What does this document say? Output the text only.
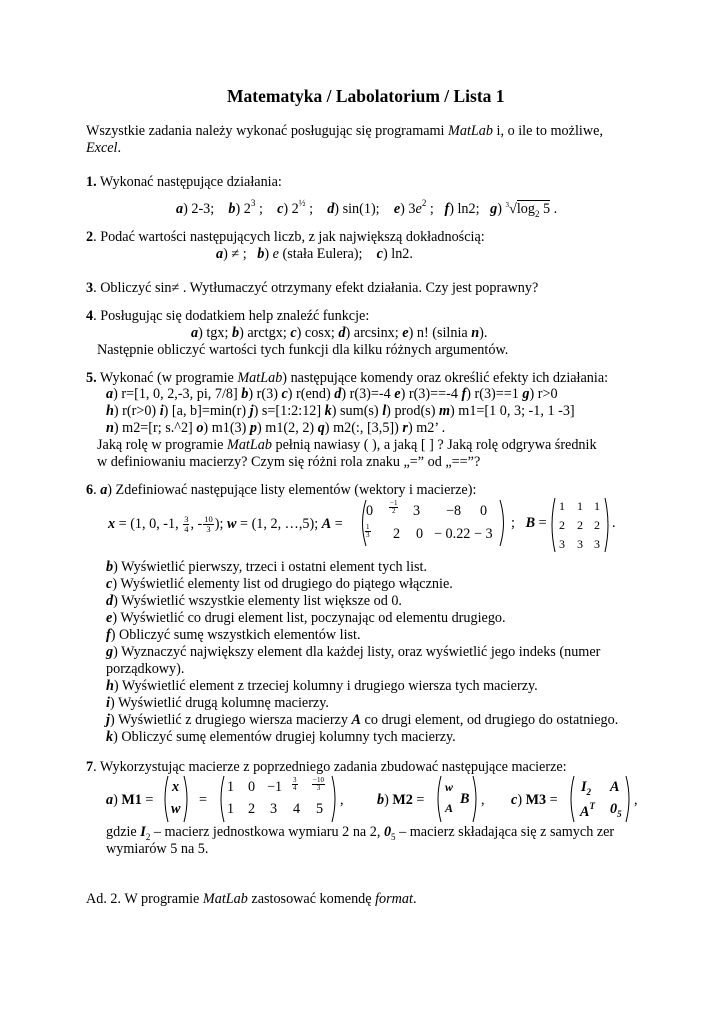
Matematyka / Labolatorium / Lista 1
Wszystkie zadania należy wykonać posługując się programami MatLab i, o ile to możliwe,
Excel.
1. Wykonać następujące działania:
a) 2-3; b) $2^3$ ;    c) $2^{\frac{1}{2}}$ ;    d) sin(1); e) $3e^2$ ;   f) ln2; g) $^3√\log_2$ 5 .
2. Podać wartości następujących liczb, z jak największą dokładnością:
a) ≠ ; b) e (stała Eulera); c) ln2.
3. Obliczyć sin≠ . Wytłumaczyć otrzymany efekt działania. Czy jest poprawny?
4. Posługując się dodatkiem help znaleźć funkcje:
a) tgx; b) arctgx; c) cosx; d) arcsinx; e) n! (silnia n).
Następnie obliczyć wartości tych funkcji dla kilku różnych argumentów.
5. Wykonać (w programie MatLab) następujące komendy oraz określić efekty ich działania:
a) r=[1, 0, 2,-3, pi, 7/8] b) r(3) c) r(end) d) r(3)=-4 e) r(3)==-4 f) r(3)==1 g) r>0
h) r(r>0) i) [a, b]=min(r) j) s=[1:2:12] k) sum(s) l) prod(s) m) m1=[1 0, 3; -1, 1 -3]
n) m2=[r; s.^2] o) m1(3) p) m1(2, 2) q) m2(:, [3,5]) r) m2’ .
Jaką rolę w programie MatLab pełnią nawiasy ( ), a jaką [ ] ? Jaką rolę odgrywa średnik
w definiowaniu macierzy? Czym się różni rola znaku „=” od „==”?
6. a) Zdefiniować następujące listy elementów (wektory i macierze):
x = (1, 0, -1, $\frac{3}{4}$ , - $\frac{10}{3}$ ); w = (1, 2, …,5); A =
$0 \frac{-1}{2} 3 -8$ 0
$\frac{1}{3} 2$ 0 − 0.22 − 3
; B =
1 1 1
2 2 2
3 3 3
.
b) Wyświetlić pierwszy, trzeci i ostatni element tych list.
c) Wyświetlić elementy list od drugiego do piątego włącznie.
d) Wyświetlić wszystkie elementy list większe od 0.
e) Wyświetlić co drugi element list, poczynając od elementu drugiego.
f) Obliczyć sumę wszystkich elementów list.
g) Wyznaczyć największy element dla każdej listy, oraz wyświetlić jego indeks (numer
porządkowy).
h) Wyświetlić element z trzeciej kolumny i drugiego wiersza tych macierzy.
i) Wyświetlić drugą kolumnę macierzy.
j) Wyświetlić z drugiego wiersza macierzy A co drugi element, od drugiego do ostatniego.
k) Obliczyć sumę elementów drugiej kolumny tych macierzy.
7. Wykorzystując macierze z poprzedniego zadania zbudować następujące macierze:
a) M1 =
x
w
=
1 $0 -1 \frac{3}{4} \frac{-10}{3}$
1 2 3 4 5
, b) M2 =
w
A
B , c) M3 =
$I_2$ A
$A^T$ $0_5$
,
gdzie $I_2$ – macierz jednostkowa wymiaru 2 na 2, $0_5$ – macierz składająca się z samych zer
wymiarów 5 na 5.
Ad. 2. W programie MatLab zastosować komendę format.
